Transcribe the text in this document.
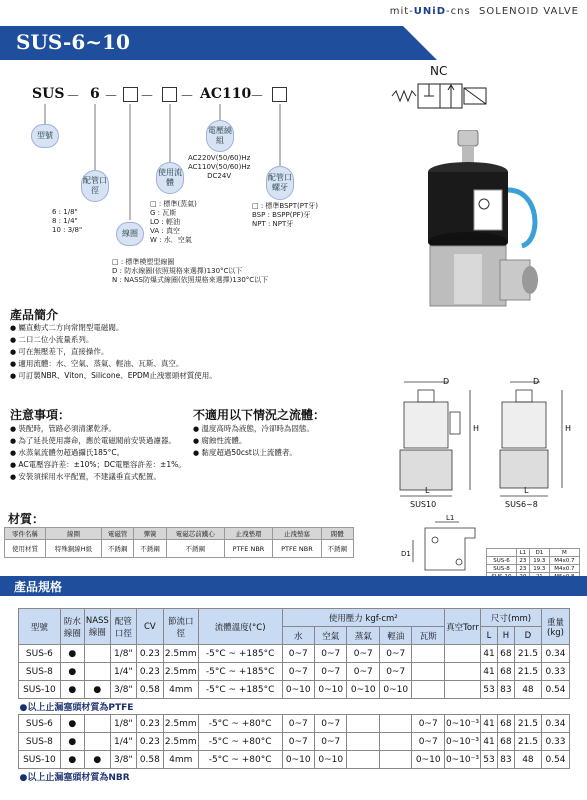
mit-UNiD-cns SOLENOID VALVE
SUS-6~10
SUS － 6 － － － AC110
－
型號
配管口徑
使用流體
電壓繞組
配管口螺牙
線圈
6 : 1/8"
8 : 1/4"
10 : 3/8"
AC220V(50/60)Hz
AC110V(50/60)Hz
DC24V
□ : 標準(蒸氣)
G : 瓦斯
LO : 輕油
VA : 真空
W : 水．空氣
□ : 標準BSPT(PT牙)
BSP : BSPP(PF)牙
NPT : NPT牙
□ : 標準模塑型線圈
D : 防水線圈(依照規格來選擇)130°C以下
N : NASS防爆式線圈(依照規格來選擇)130°C以下
NC
產品簡介
● 屬直動式二方向常閉型電磁閥。
● 二口二位小流量系列。
● 可在無壓差下，直接操作。
● 適用流體：水、空氣、蒸氣、輕油、瓦斯、真空。
● 可訂製NBR、Viton、Silicone、EPDM止洩塞頭材質使用。
注意事項：
● 裝配時，管路必須清潔乾淨。
● 為了延長使用壽命，應於電磁閥前安裝過濾器。
● 水蒸氣流體勿超過攝氏185°C。
● AC電壓容許差：±10%；DC電壓容許差：±1%。
● 安裝須採用水平配置，不建議垂直式配置。
不適用以下情況之流體：
● 溫度高時為液態，冷卻時為固態。
● 腐蝕性流體。
● 黏度超過50cst以上流體者。
材質：
零件名稱	線圈	電磁管	彈簧	電磁芯前鐵心	止洩墊環	止洩墊塞	閥體
使用材質	特殊銅線H級	不銹鋼	不銹鋼	不銹鋼	PTFE NBR	PTFE NBR	不銹鋼
D	D
H	H
L	L
SUS10	SUS6~8
L1
D1
		L1	D1	M
SUS-6	23	19.3	M4x0.7
SUS-8	23	19.3	M4x0.7

產品規格
型號	防水線圈	NASS線圈	配管口徑	CV	節流口徑	流體溫度(°C)	使用壓力 kgf-cm²					真空Torr	尺寸(mm)			重量(kg)
							水	空氣	蒸氣	輕油	瓦斯		L	H	D	
SUS-6	●		1/8"	0.23	2.5mm	-5°C ~ +185°C	0~7	0~7	0~7	0~7			41	68	21.5	0.34
SUS-8	●		1/4"	0.23	2.5mm	-5°C ~ +185°C	0~7	0~7	0~7	0~7			41	68	21.5	0.33
SUS-10	●	●	3/8"	0.58	4mm	-5°C ~ +185°C	0~10	0~10	0~10	0~10			53	83	48	0.54
●以上止漏塞頭材質為PTFE																
SUS-6	●		1/8"	0.23	2.5mm	-5°C ~ +80°C	0~7	0~7			0~7	0~10⁻³	41	68	21.5	0.34
SUS-8	●		1/4"	0.23	2.5mm	-5°C ~ +80°C	0~7	0~7			0~7	0~10⁻³	41	68	21.5	0.33
SUS-10	●	●	3/8"	0.58	4mm	-5°C ~ +80°C	0~10	0~10			0~10	0~10⁻³	53	83	48	0.54
●以上止漏塞頭材質為NBR																
